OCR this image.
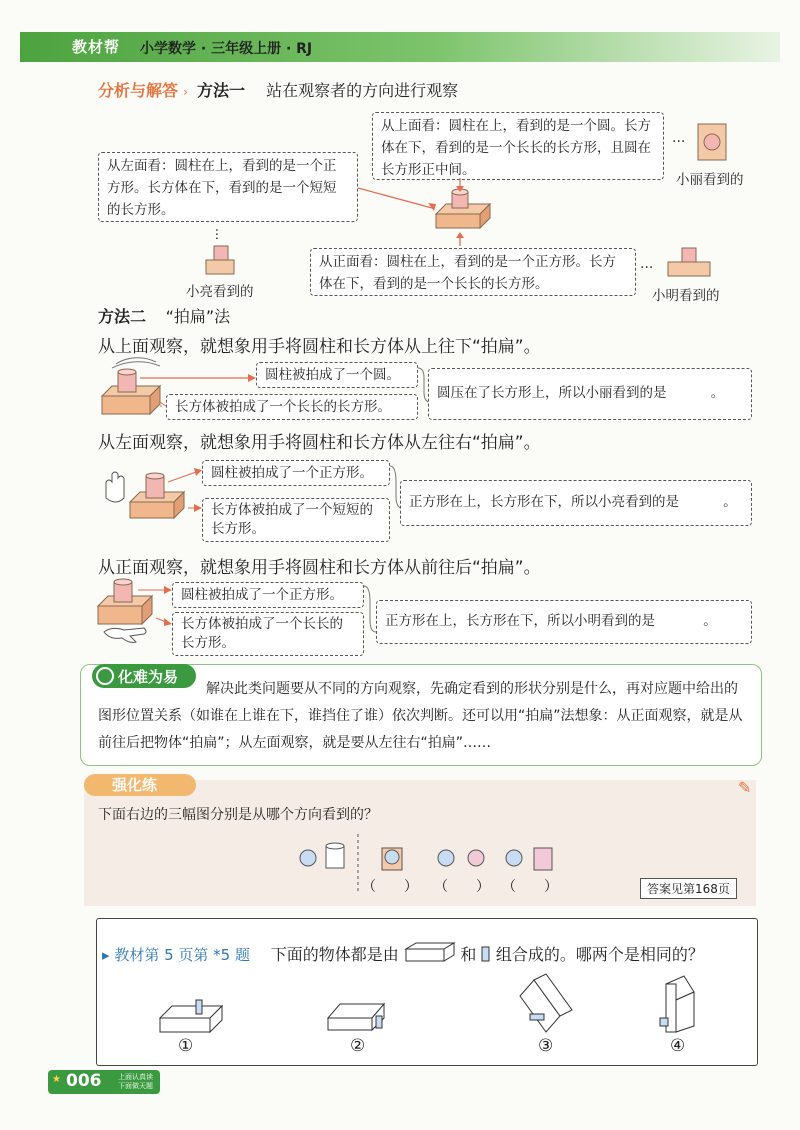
教材帮 小学数学 · 三年级上册 · RJ
分析与解答 › 方法一 站在观察者的方向进行观察
从上面看：圆柱在上，看到的是一个圆。长方体在下，看到的是一个长长的长方形，且圆在长方形正中间。
从左面看：圆柱在上，看到的是一个正方形。长方体在下，看到的是一个短短的长方形。
从正面看：圆柱在上，看到的是一个正方形。长方体在下，看到的是一个长长的长方形。
···
···
···
小丽看到的
小亮看到的	小明看到的
方法二 “拍扁”法
从上面观察，就想象用手将圆柱和长方体从上往下“拍扁”。
圆柱被拍成了一个圆。
长方体被拍成了一个长长的长方形。
圆压在了长方形上，所以小丽看到的是	。
从左面观察，就想象用手将圆柱和长方体从左往右“拍扁”。
圆柱被拍成了一个正方形。
长方体被拍成了一个短短的长方形。
正方形在上，长方形在下，所以小亮看到的是	。
从正面观察，就想象用手将圆柱和长方体从前往后“拍扁”。
圆柱被拍成了一个正方形。
长方体被拍成了一个长长的长方形。
正方形在上，长方形在下，所以小明看到的是	。
化难为易
解决此类问题要从不同的方向观察，先确定看到的形状分别是什么，再对应题中给出的图形位置关系（如谁在上谁在下，谁挡住了谁）依次判断。还可以用“拍扁”法想象：从正面观察，就是从前往后把物体“拍扁”；从左面观察，就是要从左往右“拍扁”……
强化练	✎
下面右边的三幅图分别是从哪个方向看到的？
（　　） （　　） （　　）	答案见第168页
▸ 教材第 5 页第 *5 题 下面的物体都是由	和 组合成的。哪两个是相同的？
①	②	③	④
★ 006 上面认真读
下面做天题
